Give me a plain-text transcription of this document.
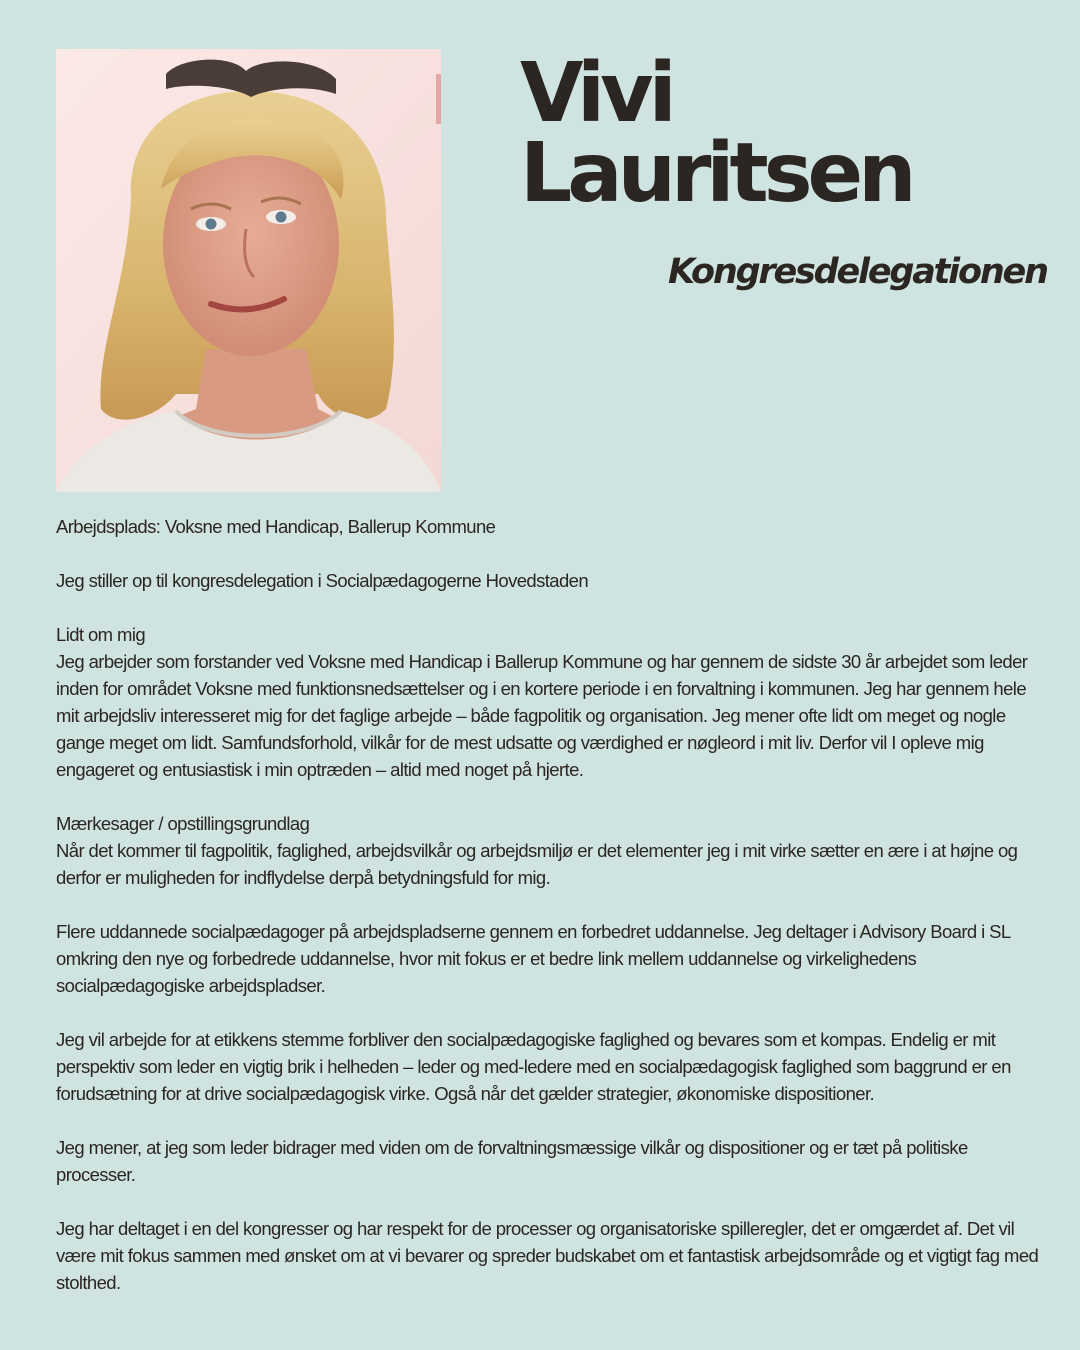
Vivi
Lauritsen
Kongresdelegationen

Arbejdsplads: Voksne med Handicap, Ballerup Kommune

Jeg stiller op til kongresdelegation i Socialpædagogerne Hovedstaden

Lidt om mig
Jeg arbejder som forstander ved Voksne med Handicap i Ballerup Kommune og har gennem de sidste 30 år arbejdet som leder inden for området Voksne med funktionsnedsættelser og i en kortere periode i en forvaltning i kommunen. Jeg har gennem hele mit arbejdsliv interesseret mig for det faglige arbejde – både fagpolitik og organisation. Jeg mener ofte lidt om meget og nogle gange meget om lidt. Samfundsforhold, vilkår for de mest udsatte og værdighed er nøgleord i mit liv. Derfor vil I opleve mig engageret og entusiastisk i min optræden – altid med noget på hjerte.

Mærkesager / opstillingsgrundlag
Når det kommer til fagpolitik, faglighed, arbejdsvilkår og arbejdsmiljø er det elementer jeg i mit virke sætter en ære i at højne og derfor er muligheden for indflydelse derpå betydningsfuld for mig.

Flere uddannede socialpædagoger på arbejdspladserne gennem en forbedret uddannelse. Jeg deltager i Advisory Board i SL omkring den nye og forbedrede uddannelse, hvor mit fokus er et bedre link mellem uddannelse og virkelighedens socialpædagogiske arbejdspladser.

Jeg vil arbejde for at etikkens stemme forbliver den socialpædagogiske faglighed og bevares som et kompas. Endelig er mit perspektiv som leder en vigtig brik i helheden – leder og med-ledere med en socialpædagogisk faglighed som baggrund er en forudsætning for at drive socialpædagogisk virke. Også når det gælder strategier, økonomiske dispositioner.

Jeg mener, at jeg som leder bidrager med viden om de forvaltningsmæssige vilkår og dispositioner og er tæt på politiske processer.

Jeg har deltaget i en del kongresser og har respekt for de processer og organisatoriske spilleregler, det er omgærdet af. Det vil være mit fokus sammen med ønsket om at vi bevarer og spreder budskabet om et fantastisk arbejdsområde og et vigtigt fag med stolthed.
